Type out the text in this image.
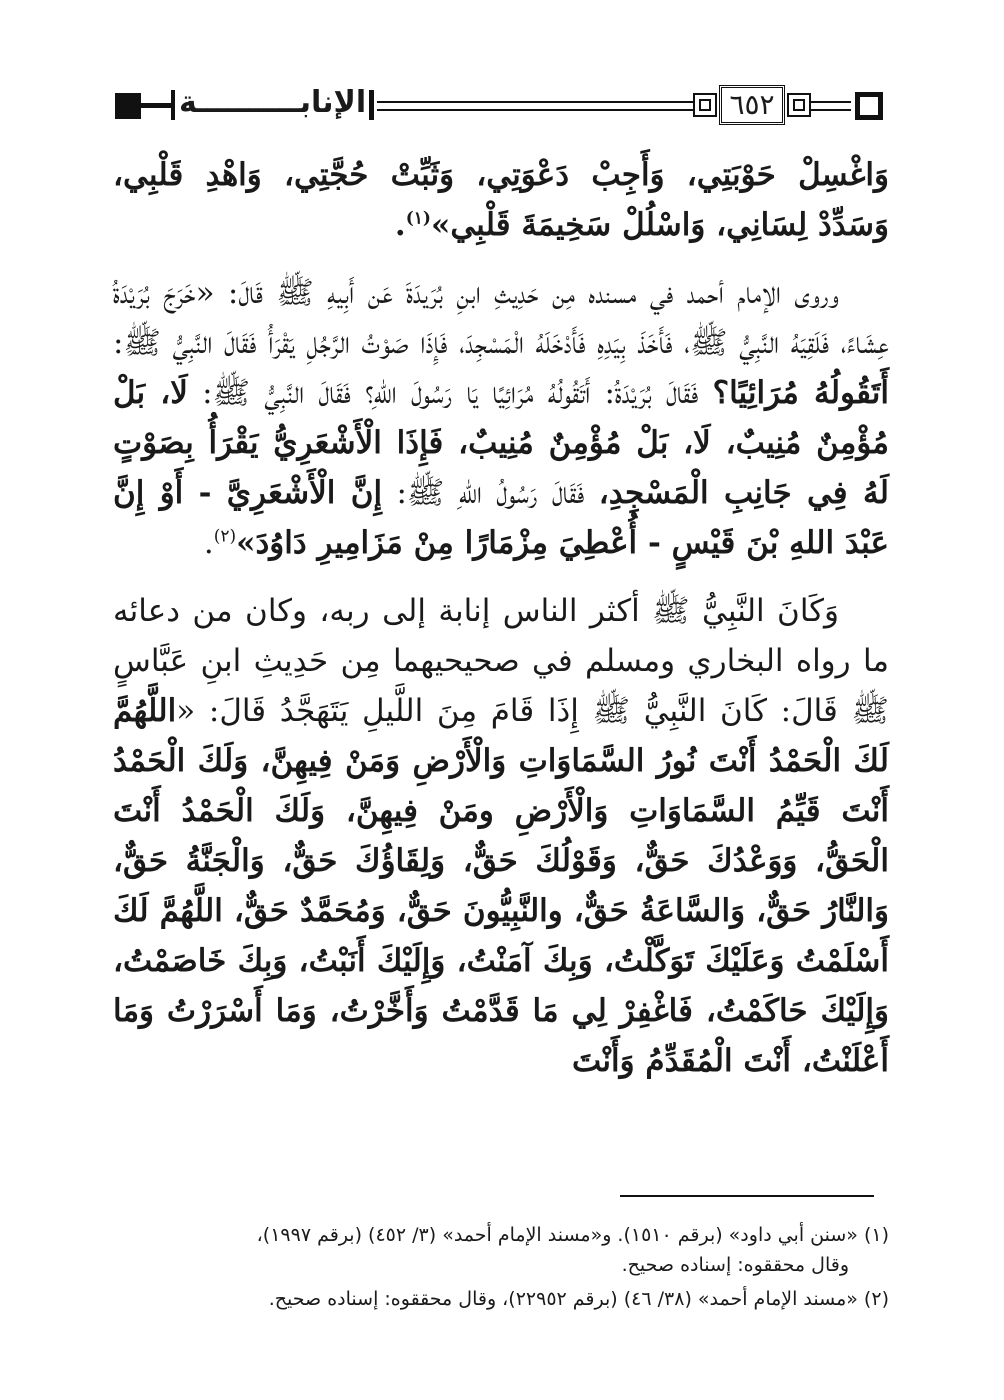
الإنابــــــــــة	٦٥٢

وَاغْسِلْ حَوْبَتِي، وَأَجِبْ دَعْوَتِي، وَثَبِّتْ حُجَّتِي، وَاهْدِ قَلْبِي، وَسَدِّدْ لِسَانِي، وَاسْلُلْ سَخِيمَةَ قَلْبِي»$^{(١)}$.

وروى الإمام أحمد في مسنده مِن حَدِيثِ ابنِ بُرَيدَةَ عَن أَبِيهِ ﷺ قَالَ: «خَرَجَ بُرَيْدَةُ عِشَاءً، فَلَقِيَهُ النَّبِيُّ ﷺ، فَأَخَذَ بِيَدِهِ فَأَدْخَلَهُ الْمَسْجِدَ، فَإِذَا صَوْتُ الرَّجُلِ يَقْرَأُ فَقَالَ النَّبِيُّ ﷺ: أَتَقُولُهُ مُرَائِيًا؟ فَقَالَ بُرَيْدَةُ: أَتَقُولُهُ مُرَائِيًا يَا رَسُولَ اللهِ؟ فَقَالَ النَّبِيُّ ﷺ: لَا، بَلْ مُؤْمِنٌ مُنِيبٌ، لَا، بَلْ مُؤْمِنٌ مُنِيبٌ، فَإِذَا الْأَشْعَرِيُّ يَقْرَأُ بِصَوْتٍ لَهُ فِي جَانِبِ الْمَسْجِدِ، فَقَالَ رَسُولُ اللهِ ﷺ: إِنَّ الْأَشْعَرِيَّ - أَوْ إِنَّ عَبْدَ اللهِ بْنَ قَيْسٍ - أُعْطِيَ مِزْمَارًا مِنْ مَزَامِيرِ دَاوُدَ»$^{(٢)}$.

وَكَانَ النَّبِيُّ ﷺ أكثر الناس إنابة إلى ربه، وكان من دعائه ما رواه البخاري ومسلم في صحيحيهما مِن حَدِيثِ ابنِ عَبَّاسٍ ﷺ قَالَ: كَانَ النَّبِيُّ ﷺ إِذَا قَامَ مِنَ اللَّيلِ يَتَهَجَّدُ قَالَ: «اللَّهُمَّ لَكَ الْحَمْدُ أَنْتَ نُورُ السَّمَاوَاتِ وَالْأَرْضِ وَمَنْ فِيهِنَّ، وَلَكَ الْحَمْدُ أَنْتَ قَيِّمُ السَّمَاوَاتِ وَالْأَرْضِ ومَنْ فِيهِنَّ، وَلَكَ الْحَمْدُ أَنْتَ الْحَقُّ، وَوَعْدُكَ حَقٌّ، وَقَوْلُكَ حَقٌّ، وَلِقَاؤُكَ حَقٌّ، وَالْجَنَّةُ حَقٌّ، وَالنَّارُ حَقٌّ، وَالسَّاعَةُ حَقٌّ، والنَّبِيُّونَ حَقٌّ، وَمُحَمَّدٌ حَقٌّ، اللَّهُمَّ لَكَ أَسْلَمْتُ وَعَلَيْكَ تَوَكَّلْتُ، وَبِكَ آمَنْتُ، وَإِلَيْكَ أَنَبْتُ، وَبِكَ خَاصَمْتُ، وَإِلَيْكَ حَاكَمْتُ، فَاغْفِرْ لِي مَا قَدَّمْتُ وَأَخَّرْتُ، وَمَا أَسْرَرْتُ وَمَا أَعْلَنْتُ، أَنْتَ الْمُقَدِّمُ وَأَنْتَ

(١) «سنن أبي داود» (برقم ١٥١٠). و«مسند الإمام أحمد» (٣/ ٤٥٢) (برقم ١٩٩٧)،
وقال محققوه: إسناده صحيح.
(٢) «مسند الإمام أحمد» (٣٨/ ٤٦) (برقم ٢٢٩٥٢)، وقال محققوه: إسناده صحيح.
